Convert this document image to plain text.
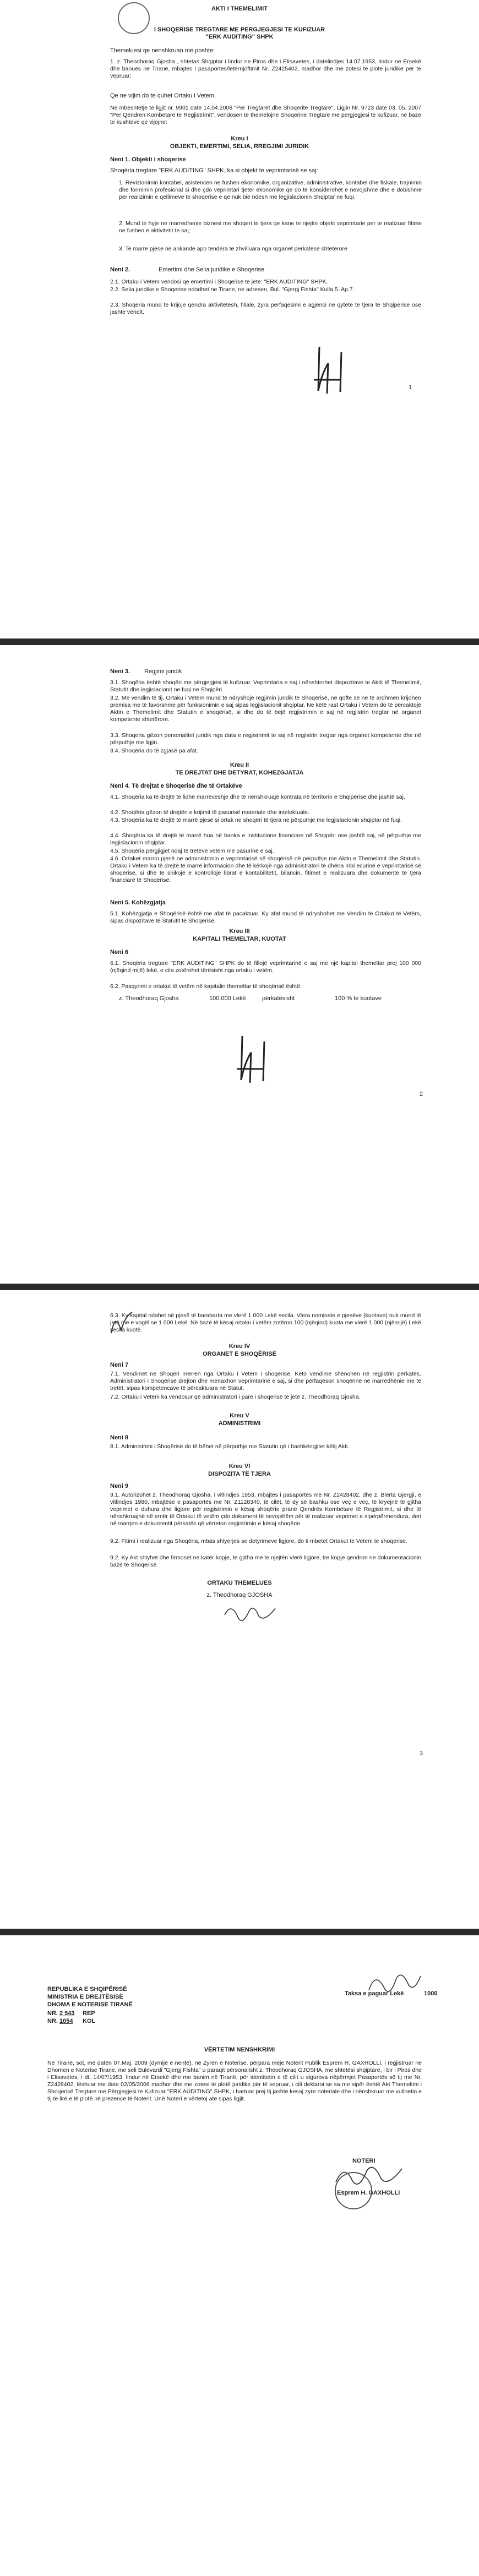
AKTI I THEMELIMIT
I SHOQERISE TREGTARE ME PERGJEGJESI TE KUFIZUAR
"ERK AUDITING" SHPK
Themeluesi qe nenshkruan me poshte:
1. z. Theodhoraq Gjosha , shtetas Shqiptar i lindur ne Piros dhe i Elisavetes, i datelindjes 14.07.1953, lindur ne Ersekë dhe banues ne Tirane, mbajtes i pasaportes/letërnjoftimit Nr. Z2425402, madhor dhe me zotesi te plote juridike per te vepruar;
Qe ne vijim do te quhet Ortaku i Vetem,
Ne mbeshtetje te ligjit nr. 9901 date 14.04.2008 "Per Tregtaret dhe Shoqerite Tregtare", Ligjin Nr. 9723 date 03. 05. 2007 "Per Qendren Kombetare te Regjistrimit", vendosen te themelojne Shoqerine Tregtare me pergjegjesi te kufizuar, ne baze te kushteve qe vijojne:
Kreu I
OBJEKTI, EMERTIMI, SELIA, RREGJIMI JURIDIK
Neni 1. Objekti i shoqerise
Shoqëria tregtare "ERK AUDITING" SHPK, ka si objekt te veprimtarisë se saj:
1. Revizionimin kontabel, asistencen ne fushen ekonomike, organizative, administrative, kontabel dhe fiskale, trajnimin dhe formimin profesional si dhe çdo veprimtari tjeter ekonomike qe do te konsiderohet e nevojshme dhe e dobishme per realizimin e qellimeve te shoqerise e qe nuk bie ndesh me legjislacionin Shqiptar ne fuqi.
2. Mund te hyje ne marredhenie biznesi me shoqeri te tjera qe kane te njejtin objekt veprimtarie per te realizuar fitime ne fushen e aktivitetit te saj;
3. Te marre pjese ne ankande apo tendera te zhvilluara nga organet perkatese shteterore
Neni 2.	Emertimi dhe Selia juridike e Shoqerise
2.1. Ortaku i Vetem vendosi qe emertimi i Shoqerise te jete: "ERK AUDITING" SHPK.
2.2. Selia juridike e Shoqerise ndodhet ne Tirane, ne adresen, Bul. "Gjergj Fishta" Kulla 5, Ap.7.
2.3. Shoqeria mund te krijoje qendra aktivitetesh, filiale, zyra perfaqesimi e agjenci ne qytete te tjera te Shqiperise ose jashte vendit.
1
Neni 3. Regjimi juridik
3.1. Shoqëria është shoqëri me përgjegjësi të kufizuar. Veprimtaria e saj i nënshtrohet dispozitave te Aktit të Themelimit, Statutit dhe legjislacionit ne fuqi ne Shqipëri.
3.2. Me vendim të tij, Ortaku i Vetem mund të ndryshojë regjimin juridik te Shoqërisë, në qofte se ne të ardhmen krijohen premisa me të favorshme për funksionimin e saj sipas legjislacionit shqiptar. Ne këtë rast Ortaku i Vetem do të përcaktojë Aktin e Themelimit dhe Statutin e shoqërisë, si dhe do të bëjë regjistrimin e saj në regjistrin tregtar në organet kompetente shtetërore.
3.3. Shoqeria gëzon personalitet juridik nga data e regjistrimit te saj në regjistrin tregtar nga organet kompetente dhe në përputhje me ligjin.
3.4. Shoqëria do të zgjasë pa afat.
Kreu II
TE DREJTAT DHE DETYRAT, KOHEZGJATJA
Neni 4. Të drejtat e Shoqerisë dhe të Ortakëve
4.1. Shoqëria ka të drejtë të lidhë marrëveshje dhe të nënshkruajë kontrata në territorin e Shqipërisë dhe jashtë saj.
4.2. Shoqëria gëzon të drejtën e krijimit të pasurisë materiale dhe intelektuale.
4.3. Shoqëria ka të drejtë të marrë pjesë si ortak ne shoqëri të tjera ne përputhje me legjislacionin shqiptar në fuqi.
4.4. Shoqëria ka të drejtë të marrë hua në banka e institucione financiare në Shqipëri ose jashtë saj, në përputhje me legjislacionin shqiptar.
4.5. Shoqëria përgjigjet ndaj të tretëve vetëm me pasurinë e saj.
4.6. Ortaket marrin pjesë ne administrimin e veprimtarisë së shoqërisë në përputhje me Aktin e Themelimit dhe Statutin. Ortaku i Vetem ka të drejtë të marrë informacion dhe të kërkojë nga administratori të dhëna mbi ecurinë e veprimtarisë së shoqërisë, si dhe të shikojë e kontrollojë librat e kontabilitetit, bilancin, fitimet e realizuara dhe dokumente të tjera financiare të Shoqërisë.
Neni 5. Kohëzgjatja
5.1. Kohëzgjatja e Shoqërisë është me afat të pacaktuar. Ky afat mund të ndryshohet me Vendim të Ortakut te Vetëm, sipas dispozitave të Statutit të Shoqërisë.
Kreu III
KAPITALI THEMELTAR, KUOTAT
Neni 6
6.1. Shoqëria tregtare "ERK AUDITING" SHPK do të fillojë veprimtarinë e saj me një kapital themeltar prej 100 000 (njëqind mijë) lekë, e cila zotërohet tërësisht nga ortaku i vetëm.
6.2. Pasqyrimi e ortakut të vetëm në kapitalin themeltar të shoqërisë është:
z. Theodhoraq Gjosha	100.000 Lekë	përkatësisht	100 % te kuotave
2
6.3. Ky kapital ndahet në pjesë të barabarta me vlerë 1 000 Lekë secila. Vlera nominale e pjesëve (kuotave) nuk mund të jetë më e vogël se 1 000 Lekë. Në bazë të kësaj ortaku i vetëm zotëron 100 (njëqind) kuota me vlerë 1 000 (njëmijë) Lekë secila kuotë.
Kreu IV
ORGANET E SHOQËRISË
Neni 7
7.1. Vendimet në Shoqëri merren nga Ortaku i Vetëm i shoqërisë. Këto vendime shënohen në regjistrin përkatës. Administratori i Shoqërisë drejton dhe menaxhon veprimtarinë e saj, si dhe përfaqëson shoqërinë në marrëdhënie me të tretët, sipas kompetencave të përcaktuara në Statut.
7.2. Ortaku i Vetëm ka vendosur që administratori i parë i shoqërisë të jetë z. Theodhoraq Gjosha.
Kreu V
ADMINISTRIMI
Neni 8
8.1. Administrimi i Shoqërisë do të bëhet në përputhje me Statutin që i bashkëngjitet këtij Akti.
Kreu VI
DISPOZITA TË TJERA
Neni 9
9.1. Autorizohet z. Theodhoraq Gjosha, i vitlindjes 1953, mbajtës i pasaportës me Nr. Z2428402, dhe z. Blerta Gjergji, e vitlindjes 1980, mbajtëse e pasaportës me Nr. Z1128340, të cilët, të dy së bashku ose veç e veç, të kryejnë të gjitha veprimet e duhura dhe ligjore për regjistrimin e kësaj shoqërie pranë Qendrës Kombëtare të Regjistrimit, si dhe të nënshkruajnë në emër të Ortakut të vetëm çdo dokument të nevojshëm për të realizuar veprimet e sipërpërmendura, deri në marrjen e dokumentit përkatës që vërteton regjistrimin e kësaj shoqërie.
9.2. Fitimi i realizuar nga Shoqëria, mbas shlyerjes se detyrimeve ligjore, do ti mbetet Ortakut te Vetem te shoqerise.
9.2. Ky Akt shlyhet dhe firmoset ne katër kopje, te gjitha me te njejtën vlerë ligjore, tre kopje qendron ne dokumentacionin bazë te Shoqerisë.
ORTAKU THEMELUES
z. Theodhoraq GJOSHA
3
REPUBLIKA E SHQIPËRISË
MINISTRIA E DREJTËSISË
DHOMA E NOTERISE TIRANË
NR. 2 543 REP
NR. 1054 KOL
Taksa e paguar Lekë	1000
VËRTETIM NENSHKRIMI
Në Tiranë, sot, më datën 07.Maj. 2009 (dymijë e nentë), në Zyrën e Noterise, përpara meje Noterit Publik Esprem H. GAXHOLLI, i regjistruar ne Dhomen e Noterise Tirane, me seli Bulevardi "Gjergj Fishta" u paraqit përsonalisht z. Theodhoraq GJOSHA, me shtetësi shqiptare, i bir i Piros dhe i Elisavetes, i dt. 14/07/1953, lindur në Ersekë dhe me banim në Tiranë, për identitetin e të cilit u sigurova nëpërmjet Pasaportës së tij me Nr. Z2428402, lëshuar me date 02/05/2006 madhor dhe me zotesi të plotë juridike për të vepruar, i cili deklaroi se sa me sipër është Akt Themelimi i Shoqërisë Tregtare me Përgjegjesi te Kufizuar "ERK AUDITING" SHPK, i hartuar prej tij jashtë kesaj zyre noteriale dhe i nënshkruar me vullnetin e tij të lirë e të plotë në prezence të Noterit. Unë Noteri e vërtetoj ate sipas ligjit.
NOTERI
Esprem H. GAXHOLLI
